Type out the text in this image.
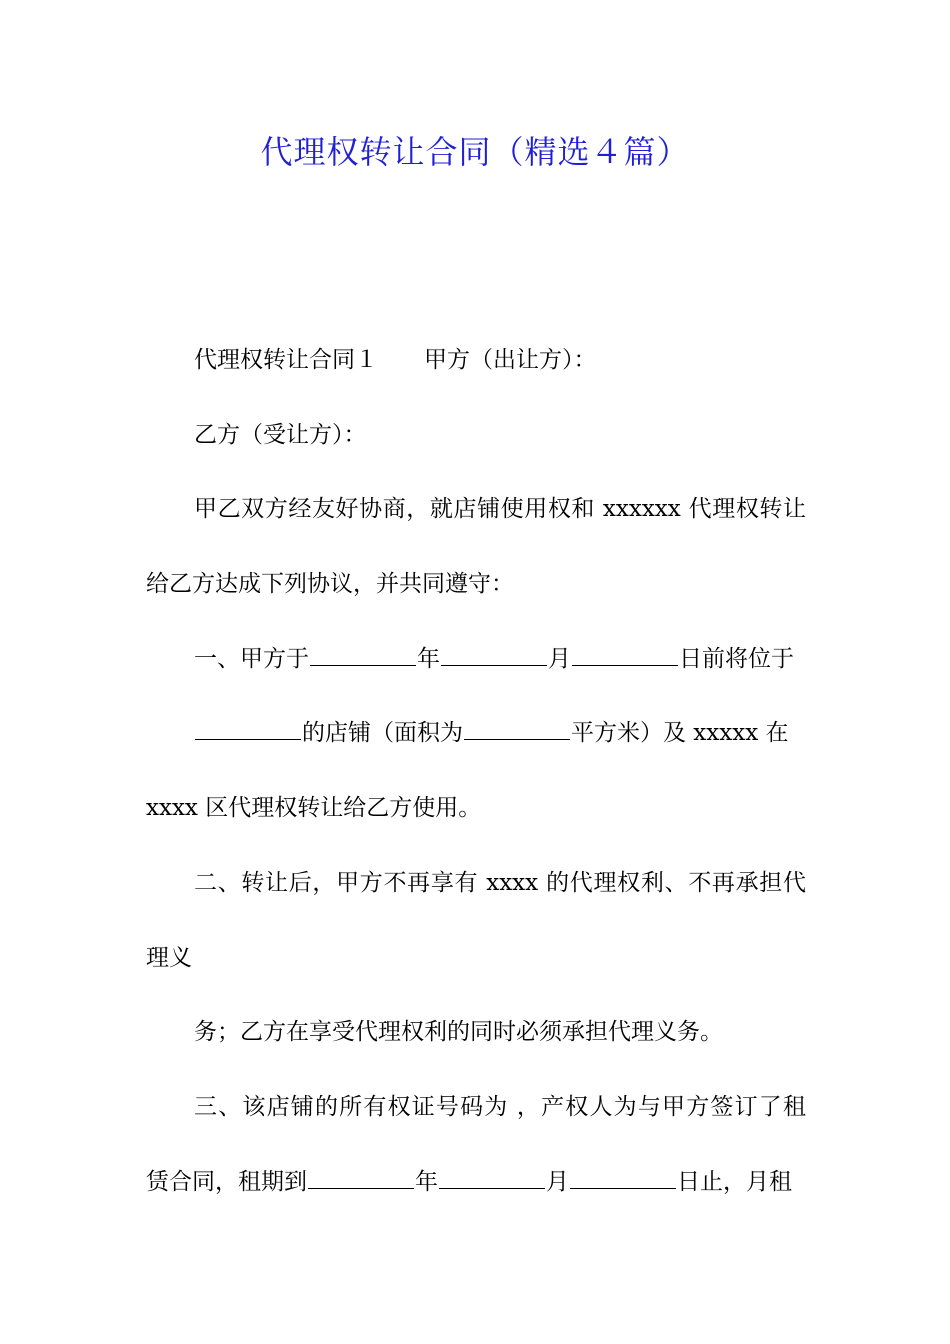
代理权转让合同（精选４篇）
代理权转让合同１ 甲方（出让方）：
乙方（受让方）：
甲乙双方经友好协商，就店铺使用权和 xxxxxx 代理权转让
给乙方达成下列协议，并共同遵守：
一、甲方于	年	月	日前将位于
的店铺（面积为	平方米）及 xxxxx 在
xxxx 区代理权转让给乙方使用。
二、转让后，甲方不再享有 xxxx 的代理权利、不再承担代
理义
务；乙方在享受代理权利的同时必须承担代理义务。
三、该店铺的所有权证号码为 ，产权人为与甲方签订了租
赁合同，租期到	年	月	日止，月租
